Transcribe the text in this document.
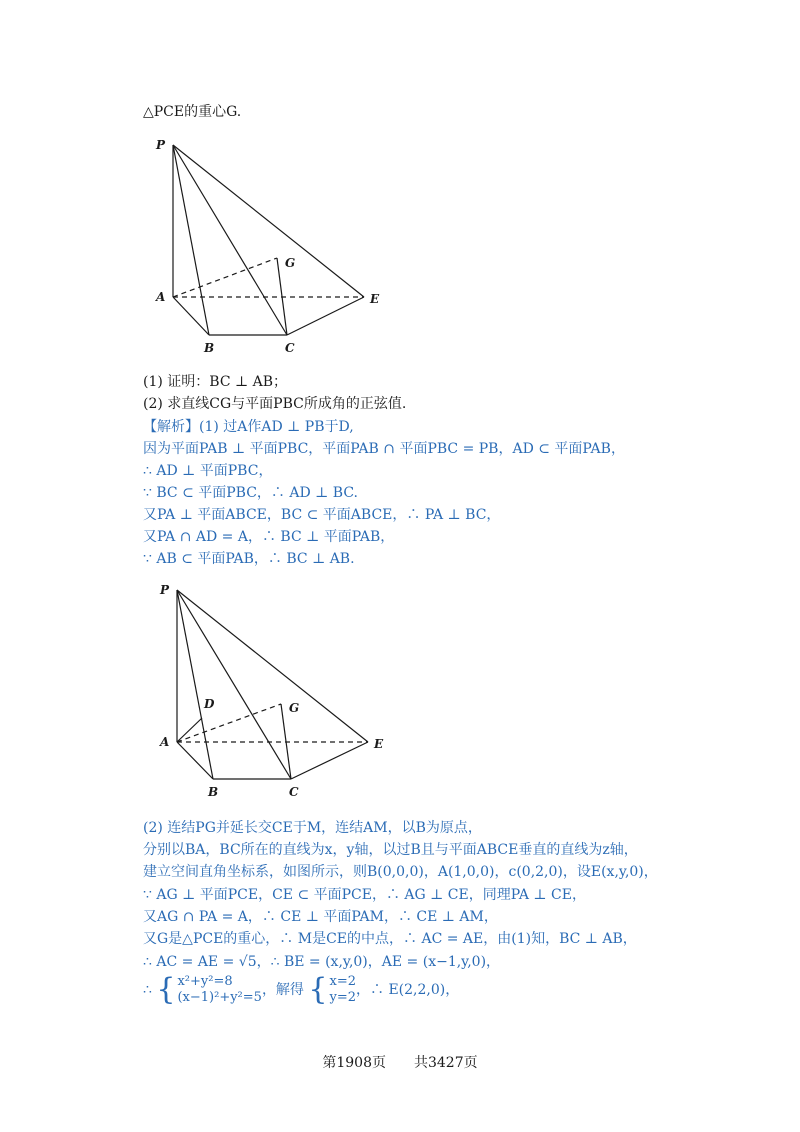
△PCE的重心G.
P
G
A	E
B	C
(1) 证明：BC ⊥ AB；
(2) 求直线CG与平面PBC所成角的正弦值.
【解析】(1) 过A作AD ⊥ PB于D,
因为平面PAB ⊥ 平面PBC，平面PAB ∩ 平面PBC = PB，AD ⊂ 平面PAB，
∴ AD ⊥ 平面PBC，
∵ BC ⊂ 平面PBC，∴ AD ⊥ BC.
又PA ⊥ 平面ABCE，BC ⊂ 平面ABCE，∴ PA ⊥ BC，
又PA ∩ AD = A，∴ BC ⊥ 平面PAB，
∵ AB ⊂ 平面PAB，∴ BC ⊥ AB.
P
D	G
A	E
B	C
(2) 连结PG并延长交CE于M，连结AM，以B为原点，
分别以BA，BC所在的直线为x，y轴，以过B且与平面ABCE垂直的直线为z轴，
建立空间直角坐标系，如图所示，则B(0,0,0)，A(1,0,0)，c(0,2,0)，设E(x,y,0)，
∵ AG ⊥ 平面PCE，CE ⊂ 平面PCE，∴ AG ⊥ CE，同理PA ⊥ CE，
又AG ∩ PA = A，∴ CE ⊥ 平面PAM，∴ CE ⊥ AM，
又G是△PCE的重心，∴ M是CE的中点，∴ AC = AE，由(1)知，BC ⊥ AB，
∴ AC = AE = √5，∴ BE = (x,y,0)，AE = (x−1,y,0)，
∴ { x²+y²=8
(x−1)²+y²=5，解得 { x=2
y=2，∴ E(2,2,0)，
第1908页　　共3427页
